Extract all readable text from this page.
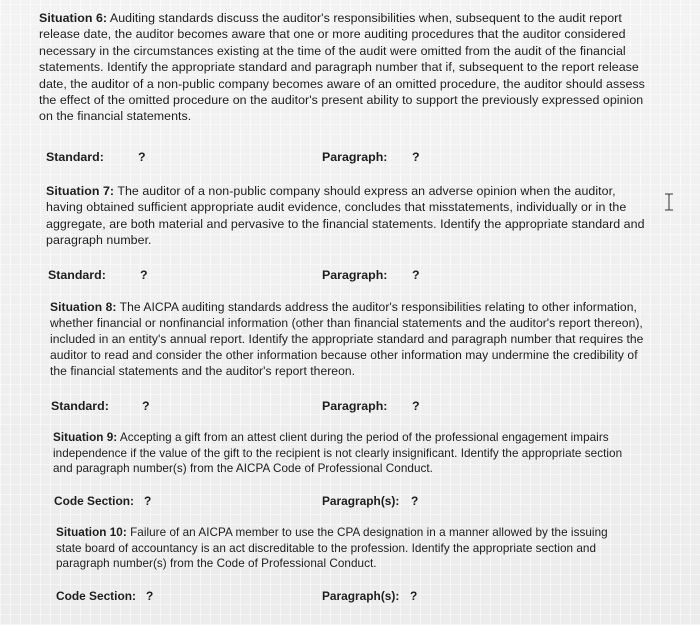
Situation 6: Auditing standards discuss the auditor's responsibilities when, subsequent to the audit report release date, the auditor becomes aware that one or more auditing procedures that the auditor considered necessary in the circumstances existing at the time of the audit were omitted from the audit of the financial statements. Identify the appropriate standard and paragraph number that if, subsequent to the report release date, the auditor of a non-public company becomes aware of an omitted procedure, the auditor should assess the effect of the omitted procedure on the auditor's present ability to support the previously expressed opinion on the financial statements.

Standard:	?	Paragraph: ?

Situation 7: The auditor of a non-public company should express an adverse opinion when the auditor, having obtained sufficient appropriate audit evidence, concludes that misstatements, individually or in the aggregate, are both material and pervasive to the financial statements. Identify the appropriate standard and paragraph number.

Standard:	?	Paragraph: ?

Situation 8: The AICPA auditing standards address the auditor's responsibilities relating to other information, whether financial or nonfinancial information (other than financial statements and the auditor's report thereon), included in an entity's annual report. Identify the appropriate standard and paragraph number that requires the auditor to read and consider the other information because other information may undermine the credibility of the financial statements and the auditor's report thereon.

Standard:	?	Paragraph: ?

Situation 9: Accepting a gift from an attest client during the period of the professional engagement impairs independence if the value of the gift to the recipient is not clearly insignificant. Identify the appropriate section and paragraph number(s) from the AICPA Code of Professional Conduct.

Code Section: ?	Paragraph(s): ?

Situation 10: Failure of an AICPA member to use the CPA designation in a manner allowed by the issuing state board of accountancy is an act discreditable to the profession. Identify the appropriate section and paragraph number(s) from the Code of Professional Conduct.

Code Section: ?	Paragraph(s): ?
